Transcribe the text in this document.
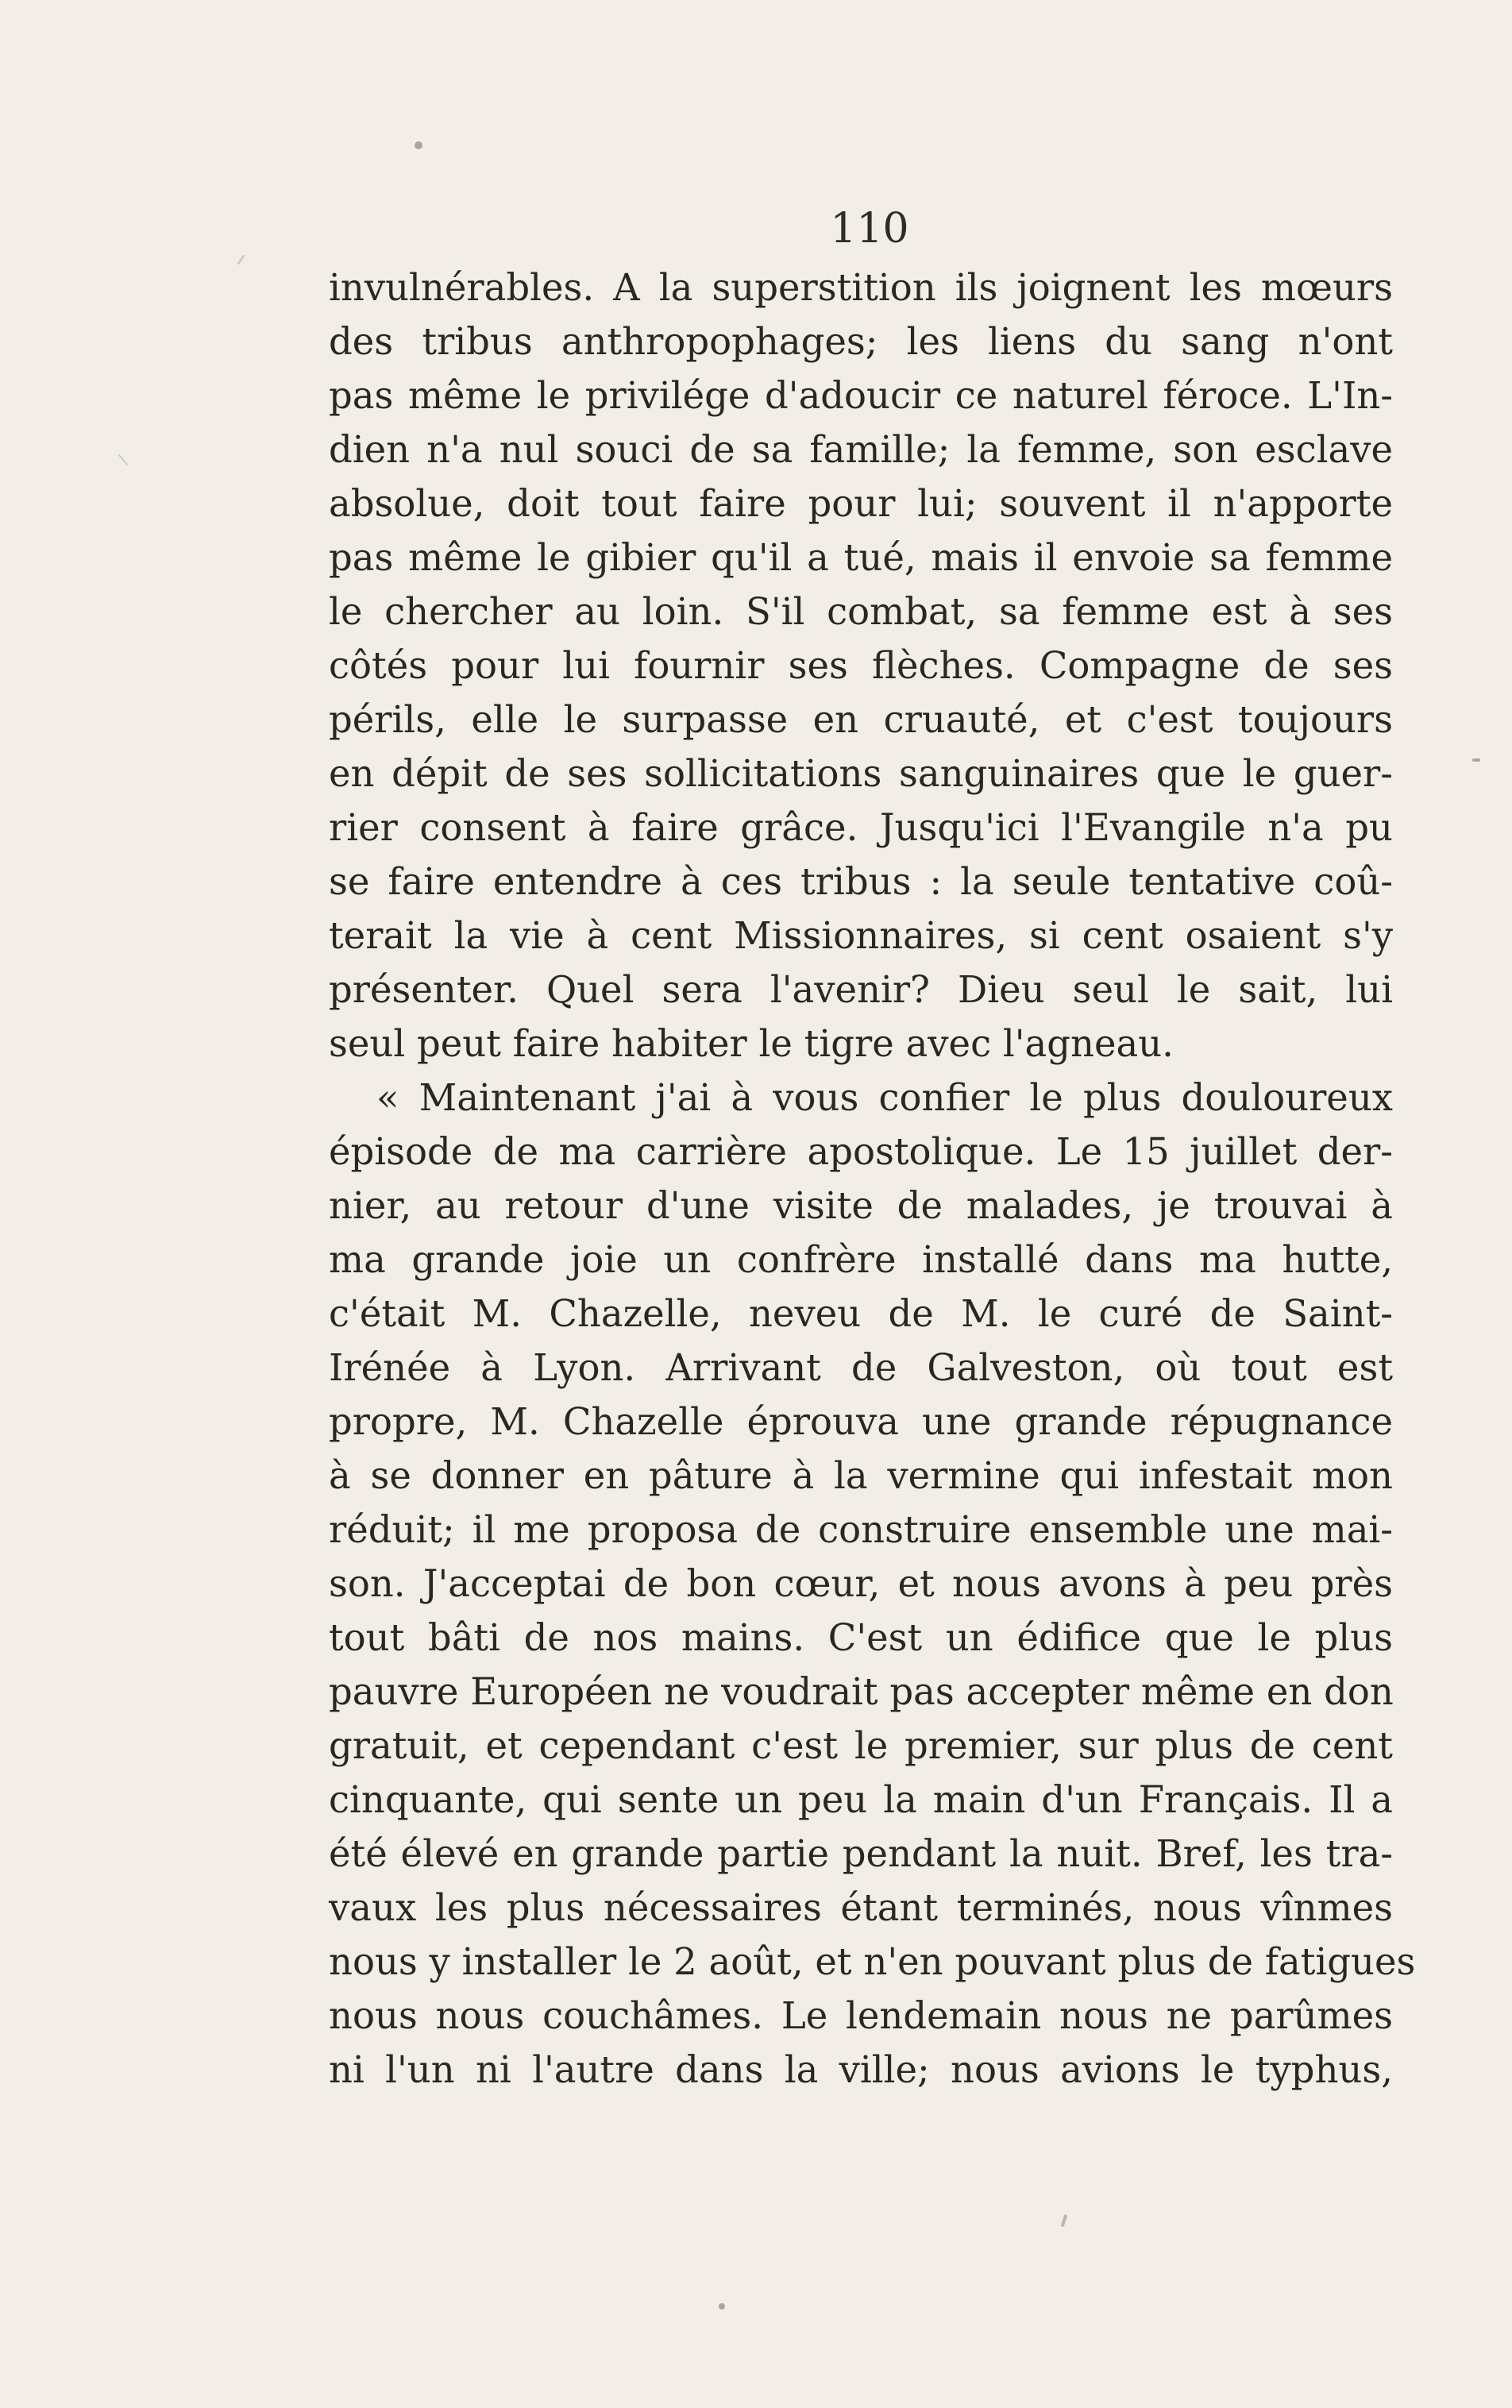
110
invulnérables. A la superstition ils joignent les mœurs
des tribus anthropophages; les liens du sang n'ont
pas même le privilége d'adoucir ce naturel féroce. L'In-
dien n'a nul souci de sa famille; la femme, son esclave
absolue, doit tout faire pour lui; souvent il n'apporte
pas même le gibier qu'il a tué, mais il envoie sa femme
le chercher au loin. S'il combat, sa femme est à ses
côtés pour lui fournir ses flèches. Compagne de ses
périls, elle le surpasse en cruauté, et c'est toujours
en dépit de ses sollicitations sanguinaires que le guer-
rier consent à faire grâce. Jusqu'ici l'Evangile n'a pu
se faire entendre à ces tribus : la seule tentative coû-
terait la vie à cent Missionnaires, si cent osaient s'y
présenter. Quel sera l'avenir? Dieu seul le sait, lui
seul peut faire habiter le tigre avec l'agneau.
« Maintenant j'ai à vous confier le plus douloureux
épisode de ma carrière apostolique. Le 15 juillet der-
nier, au retour d'une visite de malades, je trouvai à
ma grande joie un confrère installé dans ma hutte,
c'était M. Chazelle, neveu de M. le curé de Saint-
Irénée à Lyon. Arrivant de Galveston, où tout est
propre, M. Chazelle éprouva une grande répugnance
à se donner en pâture à la vermine qui infestait mon
réduit; il me proposa de construire ensemble une mai-
son. J'acceptai de bon cœur, et nous avons à peu près
tout bâti de nos mains. C'est un édifice que le plus
pauvre Européen ne voudrait pas accepter même en don
gratuit, et cependant c'est le premier, sur plus de cent
cinquante, qui sente un peu la main d'un Français. Il a
été élevé en grande partie pendant la nuit. Bref, les tra-
vaux les plus nécessaires étant terminés, nous vînmes
nous y installer le 2 août, et n'en pouvant plus de fatigues
nous nous couchâmes. Le lendemain nous ne parûmes
ni l'un ni l'autre dans la ville; nous avions le typhus,
